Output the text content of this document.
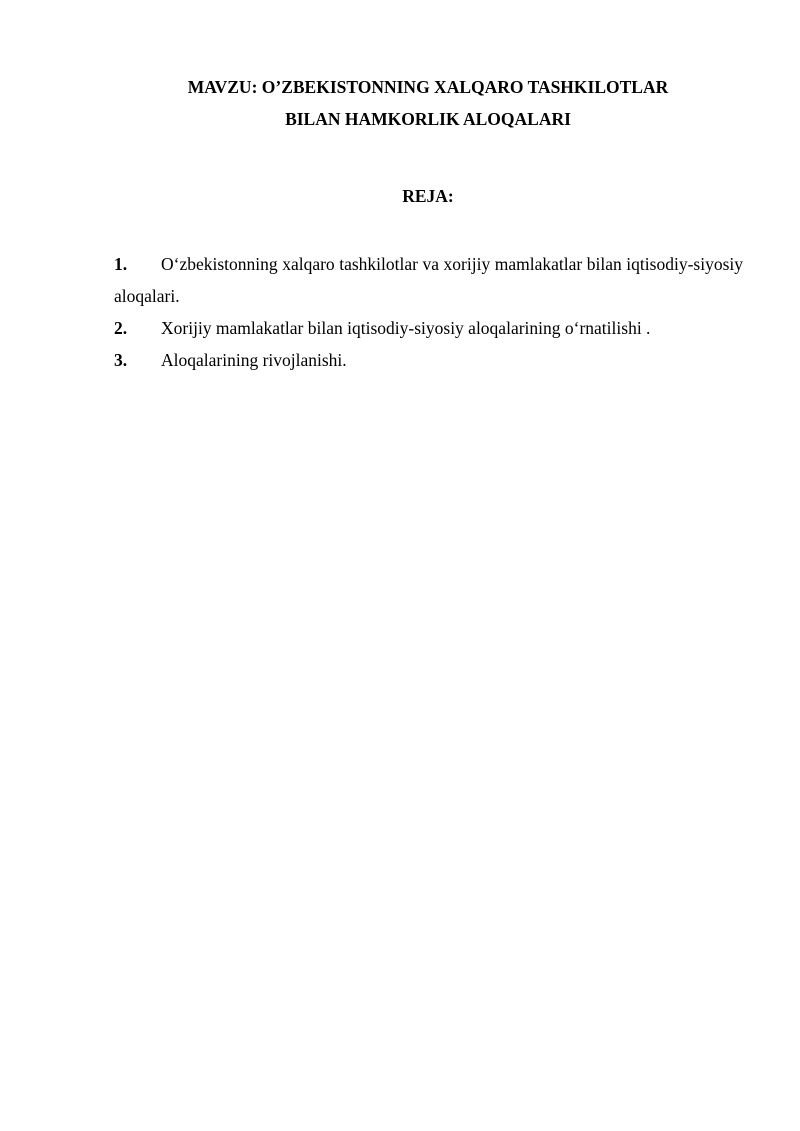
MAVZU: O’ZBEKISTONNING XALQARO TASHKILOTLAR
BILAN HAMKORLIK ALOQALARI
REJA:

1. O‘zbekistonning xalqaro tashkilotlar va xorijiy mamlakatlar bilan iqtisodiy-siyosiy aloqalari.

2. Xorijiy mamlakatlar bilan iqtisodiy-siyosiy aloqalarining o‘rnatilishi .

3. Aloqalarining rivojlanishi.
